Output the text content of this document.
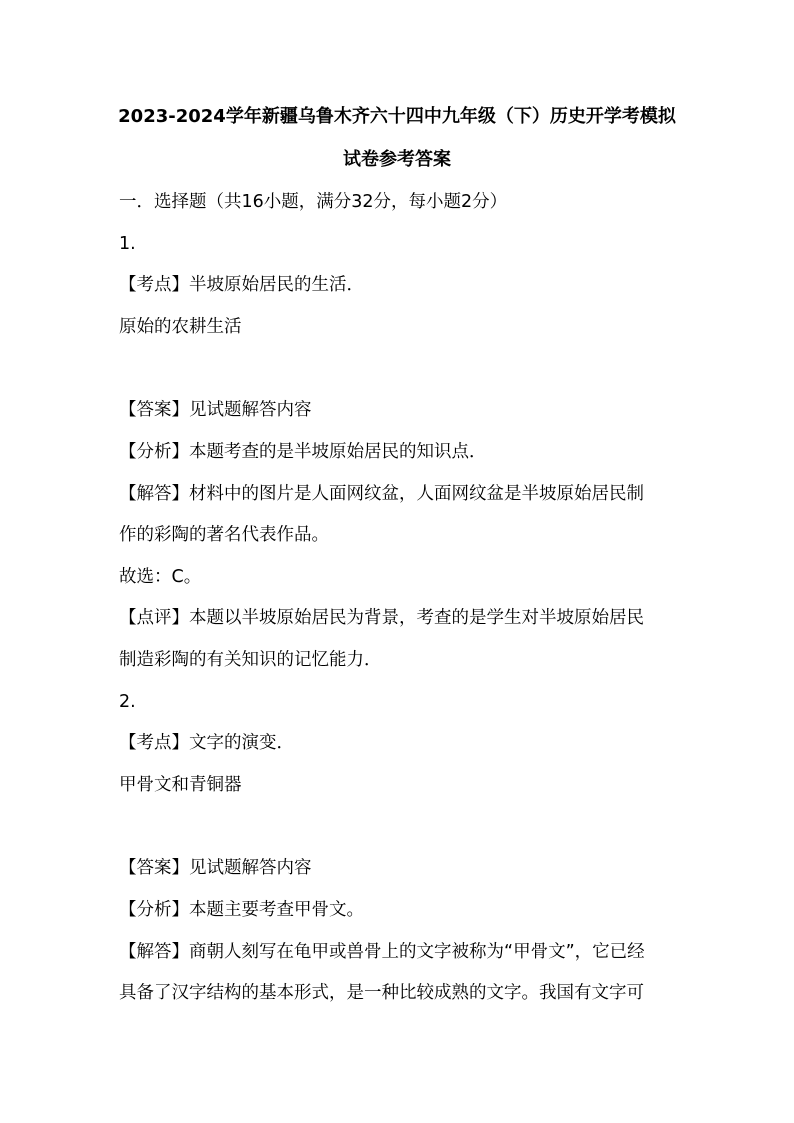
2023-2024学年新疆乌鲁木齐六十四中九年级（下）历史开学考模拟
试卷参考答案
一．选择题（共16小题，满分32分，每小题2分）
1.
【考点】半坡原始居民的生活．
原始的农耕生活
【答案】见试题解答内容
【分析】本题考查的是半坡原始居民的知识点．
【解答】材料中的图片是人面网纹盆，人面网纹盆是半坡原始居民制
作的彩陶的著名代表作品。
故选：C。
【点评】本题以半坡原始居民为背景，考查的是学生对半坡原始居民
制造彩陶的有关知识的记忆能力．
2.
【考点】文字的演变．
甲骨文和青铜器
【答案】见试题解答内容
【分析】本题主要考查甲骨文。
【解答】商朝人刻写在龟甲或兽骨上的文字被称为“甲骨文”，它已经
具备了汉字结构的基本形式，是一种比较成熟的文字。我国有文字可
